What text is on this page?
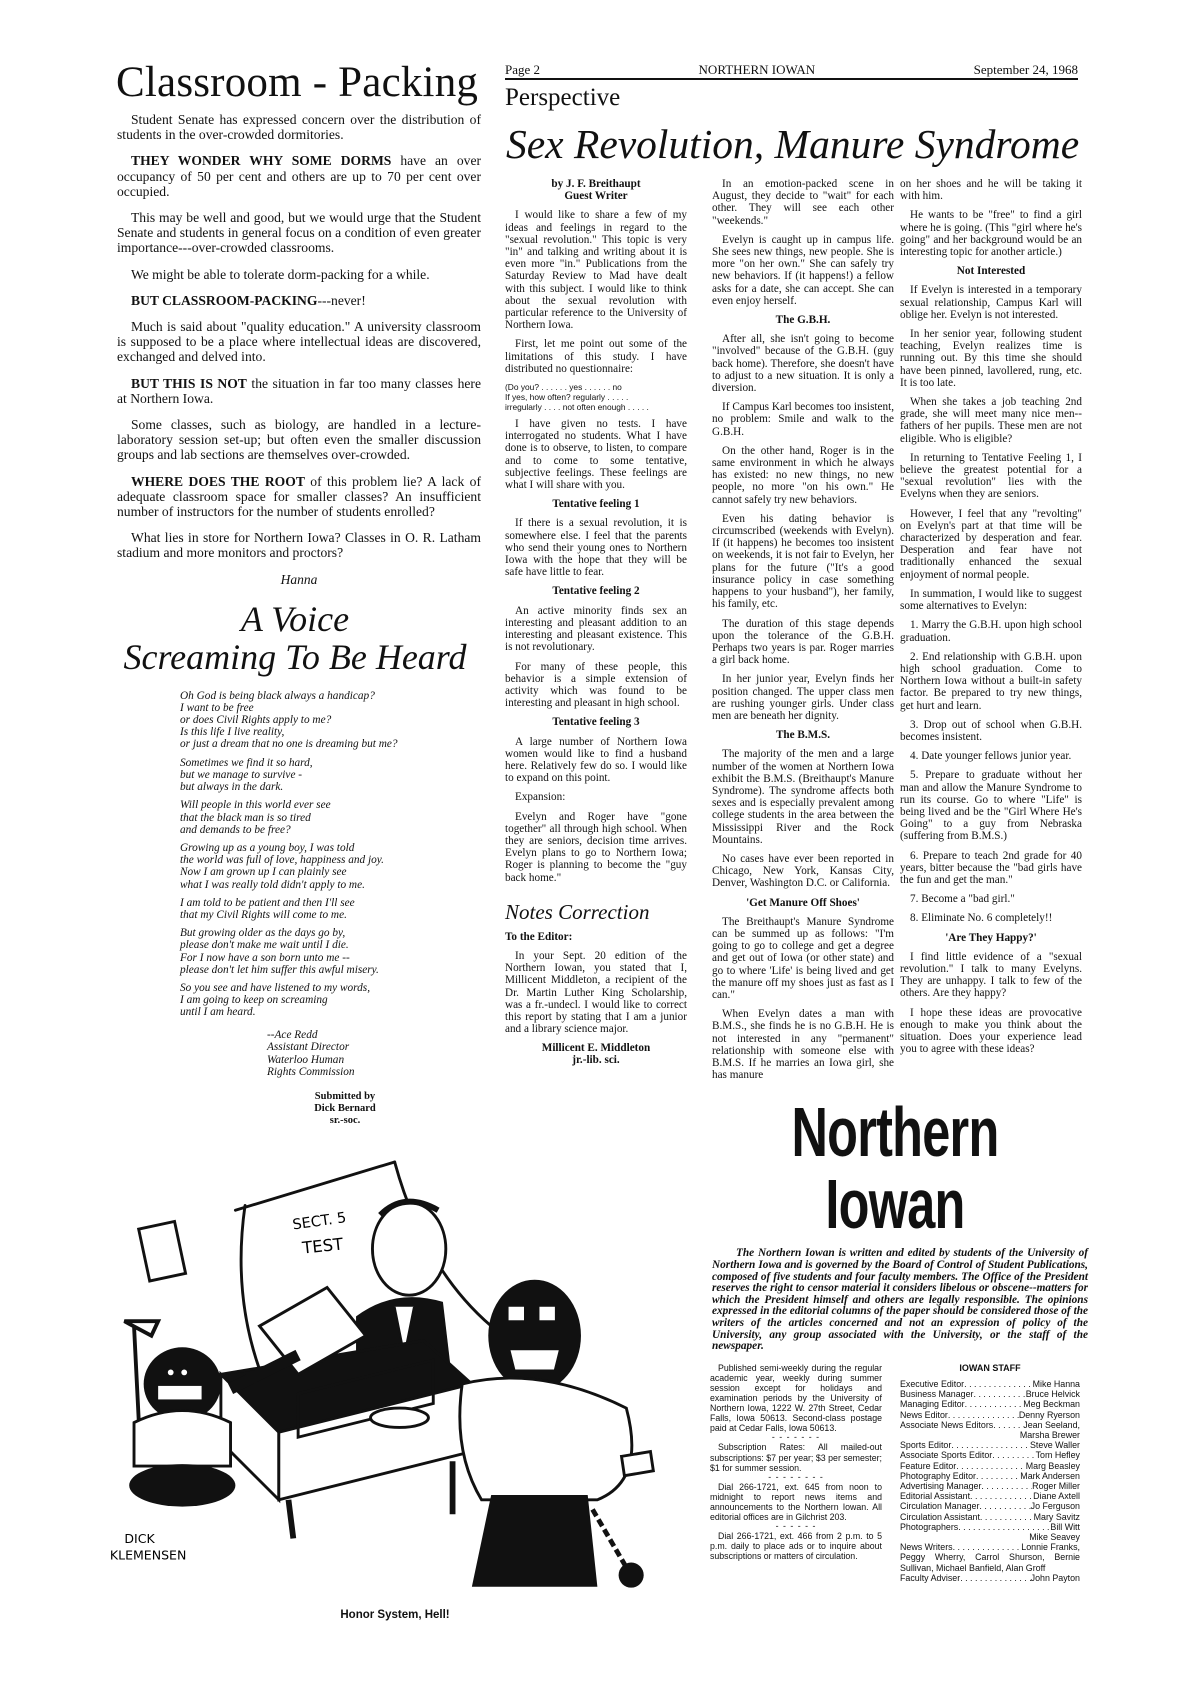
Classroom - Packing

Student Senate has expressed concern over the distribution of students in the over-crowded dormitories.

THEY WONDER WHY SOME DORMS have an over occupancy of 50 per cent and others are up to 70 per cent over occupied.

This may be well and good, but we would urge that the Student Senate and students in general focus on a condition of even greater importance---over-crowded classrooms.

We might be able to tolerate dorm-packing for a while.

BUT CLASSROOM-PACKING---never!

Much is said about "quality education." A university classroom is supposed to be a place where intellectual ideas are discovered, exchanged and delved into.

BUT THIS IS NOT the situation in far too many classes here at Northern Iowa.

Some classes, such as biology, are handled in a lecture-laboratory session set-up; but often even the smaller discussion groups and lab sections are themselves over-crowded.

WHERE DOES THE ROOT of this problem lie? A lack of adequate classroom space for smaller classes? An insufficient number of instructors for the number of students enrolled?

What lies in store for Northern Iowa? Classes in O. R. Latham stadium and more monitors and proctors?

Hanna
A Voice
Screaming To Be Heard
Oh God is being black always a handicap?
I want to be free
or does Civil Rights apply to me?
Is this life I live reality,
or just a dream that no one is dreaming but me?
Sometimes we find it so hard,
but we manage to survive -
but always in the dark.
Will people in this world ever see
that the black man is so tired
and demands to be free?
Growing up as a young boy, I was told
the world was full of love, happiness and joy.
Now I am grown up I can plainly see
what I was really told didn't apply to me.
I am told to be patient and then I'll see
that my Civil Rights will come to me.
But growing older as the days go by,
please don't make me wait until I die.
For I now have a son born unto me --
please don't let him suffer this awful misery.
So you see and have listened to my words,
I am going to keep on screaming
until I am heard.
--Ace Redd
Assistant Director
Waterloo Human
Rights Commission
Submitted by
Dick Bernard
sr.-soc.
SECT. 5
TEST
DICK
KLEMENSEN
Honor System, Hell!
Page 2	NORTHERN IOWAN	September 24, 1968
Perspective
Sex Revolution, Manure Syndrome

by J. F. Breithaupt

Guest Writer

I would like to share a few of my ideas and feelings in regard to the "sexual revolution." This topic is very "in" and talking and writing about it is even more "in." Publications from the Saturday Review to Mad have dealt with this subject. I would like to think about the sexual revolution with particular reference to the University of Northern Iowa.

First, let me point out some of the limitations of this study. I have distributed no questionnaire:

(Do you? . . . . . . yes . . . . . . no
If yes, how often? regularly . . . . .
irregularly . . . . not often enough . . . . .

I have given no tests. I have interrogated no students. What I have done is to observe, to listen, to compare and to come to some tentative, subjective feelings. These feelings are what I will share with you.

Tentative feeling 1

If there is a sexual revolution, it is somewhere else. I feel that the parents who send their young ones to Northern Iowa with the hope that they will be safe have little to fear.

Tentative feeling 2

An active minority finds sex an interesting and pleasant addition to an interesting and pleasant existence. This is not revolutionary.

For many of these people, this behavior is a simple extension of activity which was found to be interesting and pleasant in high school.

Tentative feeling 3

A large number of Northern Iowa women would like to find a husband here. Relatively few do so. I would like to expand on this point.

Expansion:

Evelyn and Roger have "gone together" all through high school. When they are seniors, decision time arrives. Evelyn plans to go to Northern Iowa; Roger is planning to become the "guy back home."

Notes Correction

To the Editor:

In your Sept. 20 edition of the Northern Iowan, you stated that I, Millicent Middleton, a recipient of the Dr. Martin Luther King Scholarship, was a fr.-undecl. I would like to correct this report by stating that I am a junior and a library science major.

Millicent E. Middleton

jr.-lib. sci.

In an emotion-packed scene in August, they decide to "wait" for each other. They will see each other "weekends."

Evelyn is caught up in campus life. She sees new things, new people. She is more "on her own." She can safely try new behaviors. If (it happens!) a fellow asks for a date, she can accept. She can even enjoy herself.

The G.B.H.

After all, she isn't going to become "involved" because of the G.B.H. (guy back home). Therefore, she doesn't have to adjust to a new situation. It is only a diversion.

If Campus Karl becomes too insistent, no problem: Smile and walk to the G.B.H.

On the other hand, Roger is in the same environment in which he always has existed: no new things, no new people, no more "on his own." He cannot safely try new behaviors.

Even his dating behavior is circumscribed (weekends with Evelyn). If (it happens) he becomes too insistent on weekends, it is not fair to Evelyn, her plans for the future ("It's a good insurance policy in case something happens to your husband"), her family, his family, etc.

The duration of this stage depends upon the tolerance of the G.B.H. Perhaps two years is par. Roger marries a girl back home.

In her junior year, Evelyn finds her position changed. The upper class men are rushing younger girls. Under class men are beneath her dignity.

The B.M.S.

The majority of the men and a large number of the women at Northern Iowa exhibit the B.M.S. (Breithaupt's Manure Syndrome). The syndrome affects both sexes and is especially prevalent among college students in the area between the Mississippi River and the Rock Mountains.

No cases have ever been reported in Chicago, New York, Kansas City, Denver, Washington D.C. or California.

'Get Manure Off Shoes'

The Breithaupt's Manure Syndrome can be summed up as follows: "I'm going to go to college and get a degree and get out of Iowa (or other state) and go to where 'Life' is being lived and get the manure off my shoes just as fast as I can."

When Evelyn dates a man with B.M.S., she finds he is no G.B.H. He is not interested in any "permanent" relationship with someone else with B.M.S. If he marries an Iowa girl, she has manure

on her shoes and he will be taking it with him.

He wants to be "free" to find a girl where he is going. (This "girl where he's going" and her background would be an interesting topic for another article.)

Not Interested

If Evelyn is interested in a temporary sexual relationship, Campus Karl will oblige her. Evelyn is not interested.

In her senior year, following student teaching, Evelyn realizes time is running out. By this time she should have been pinned, lavollered, rung, etc. It is too late.

When she takes a job teaching 2nd grade, she will meet many nice men--fathers of her pupils. These men are not eligible. Who is eligible?

In returning to Tentative Feeling 1, I believe the greatest potential for a "sexual revolution" lies with the Evelyns when they are seniors.

However, I feel that any "revolting" on Evelyn's part at that time will be characterized by desperation and fear. Desperation and fear have not traditionally enhanced the sexual enjoyment of normal people.

In summation, I would like to suggest some alternatives to Evelyn:

1. Marry the G.B.H. upon high school graduation.

2. End relationship with G.B.H. upon high school graduation. Come to Northern Iowa without a built-in safety factor. Be prepared to try new things, get hurt and learn.

3. Drop out of school when G.B.H. becomes insistent.

4. Date younger fellows junior year.

5. Prepare to graduate without her man and allow the Manure Syndrome to run its course. Go to where "Life" is being lived and be the "Girl Where He's Going" to a guy from Nebraska (suffering from B.M.S.)

6. Prepare to teach 2nd grade for 40 years, bitter because the "bad girls have the fun and get the man."

7. Become a "bad girl."

8. Eliminate No. 6 completely!!

'Are They Happy?'

I find little evidence of a "sexual revolution." I talk to many Evelyns. They are unhappy. I talk to few of the others. Are they happy?

I hope these ideas are provocative enough to make you think about the situation. Does your experience lead you to agree with these ideas?

Northern Iowan
The Northern Iowan is written and edited by students of the University of Northern Iowa and is governed by the Board of Control of Student Publications, composed of five students and four faculty members. The Office of the President reserves the right to censor material it considers libelous or obscene--matters for which the President himself and others are legally responsible. The opinions expressed in the editorial columns of the paper should be considered those of the writers of the articles concerned and not an expression of policy of the University, any group associated with the University, or the staff of the newspaper.

Published semi-weekly during the regular academic year, weekly during summer session except for holidays and examination periods by the University of Northern Iowa, 1222 W. 27th Street, Cedar Falls, Iowa 50613. Second-class postage paid at Cedar Falls, Iowa 50613.

- - - - - - -

Subscription Rates: All mailed-out subscriptions: $7 per year; $3 per semester; $1 for summer session.

- - - - - - - -

Dial 266-1721, ext. 645 from noon to midnight to report news items and announcements to the Northern Iowan. All editorial offices are in Gilchrist 203.

- - - - - -

Dial 266-1721, ext. 466 from 2 p.m. to 5 p.m. daily to place ads or to inquire about subscriptions or matters of circulation.

IOWAN STAFF
Executive Editor . . .	Mike Hanna
Business Manager . . .	Bruce Helvick
Managing Editor . . .	Meg Beckman
News Editor . . .	Denny Ryerson
Associate News Editors . . .	Jean Seeland,
Marsha Brewer
Sports Editor . . .	Steve Waller
Associate Sports Editor . . .	Tom Hefley
Feature Editor . . .	Marg Beasley
Photography Editor . . .	Mark Andersen
Advertising Manager . . .	Roger Miller
Editorial Assistant . . .	Diane Axtell
Circulation Manager . . .	Jo Ferguson
Circulation Assistant . . .	Mary Savitz
Photographers . . .	Bill Witt
Mike Seavey
News Writers . . .	Lonnie Franks,
Peggy Wherry, Carrol Shurson, Bernie Sullivan, Michael Banfield, Alan Groff
Faculty Adviser . . .	John Payton
